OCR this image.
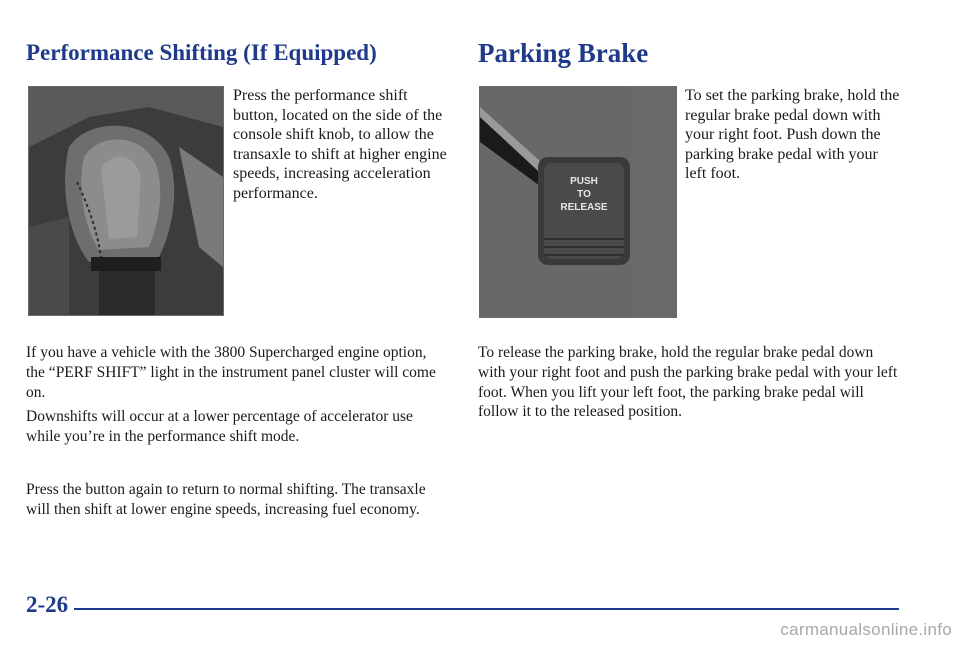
Performance Shifting (If Equipped)	Parking Brake
PUSH
TO
RELEASE

Press the performance shift button, located on the side of the console shift knob, to allow the transaxle to shift at higher engine speeds, increasing acceleration performance.

To set the parking brake, hold the regular brake pedal down with your right foot. Push down the parking brake pedal with your left foot.

If you have a vehicle with the 3800 Supercharged engine option, the “PERF SHIFT” light in the instrument panel cluster will come on.

Downshifts will occur at a lower percentage of accelerator use while you’re in the performance shift mode.

Press the button again to return to normal shifting. The transaxle will then shift at lower engine speeds, increasing fuel economy.

To release the parking brake, hold the regular brake pedal down with your right foot and push the parking brake pedal with your left foot. When you lift your left foot, the parking brake pedal will follow it to the released position.

2-26

carmanualsonline.info
